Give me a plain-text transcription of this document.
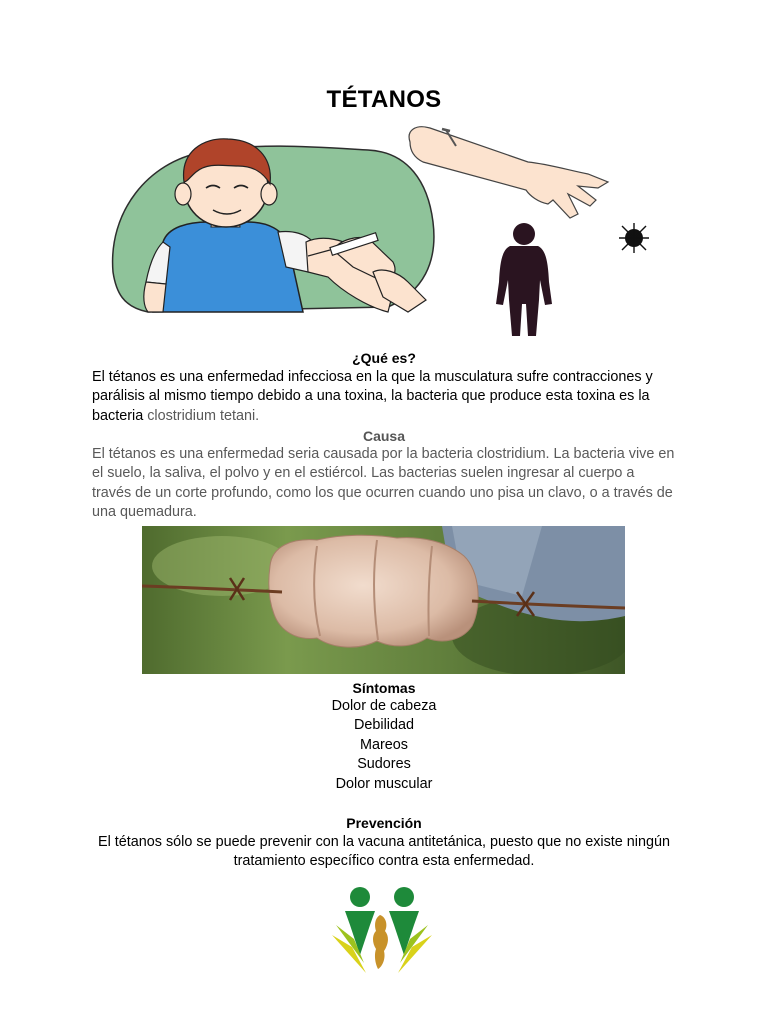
TÉTANOS
¿Qué es?
El tétanos es una enfermedad infecciosa en la que la musculatura sufre contracciones y parálisis al mismo tiempo debido a una toxina, la bacteria que produce esta toxina es la bacteria clostridium tetani.
Causa
El tétanos es una enfermedad seria causada por la bacteria clostridium. La bacteria vive en el suelo, la saliva, el polvo y en el estiércol. Las bacterias suelen ingresar al cuerpo a través de un corte profundo, como los que ocurren cuando uno pisa un clavo, o a través de una quemadura.
Síntomas
Dolor de cabeza
Debilidad
Mareos
Sudores
Dolor muscular
Prevención
El tétanos sólo se puede prevenir con la vacuna antitetánica, puesto que no existe ningún tratamiento específico contra esta enfermedad.
